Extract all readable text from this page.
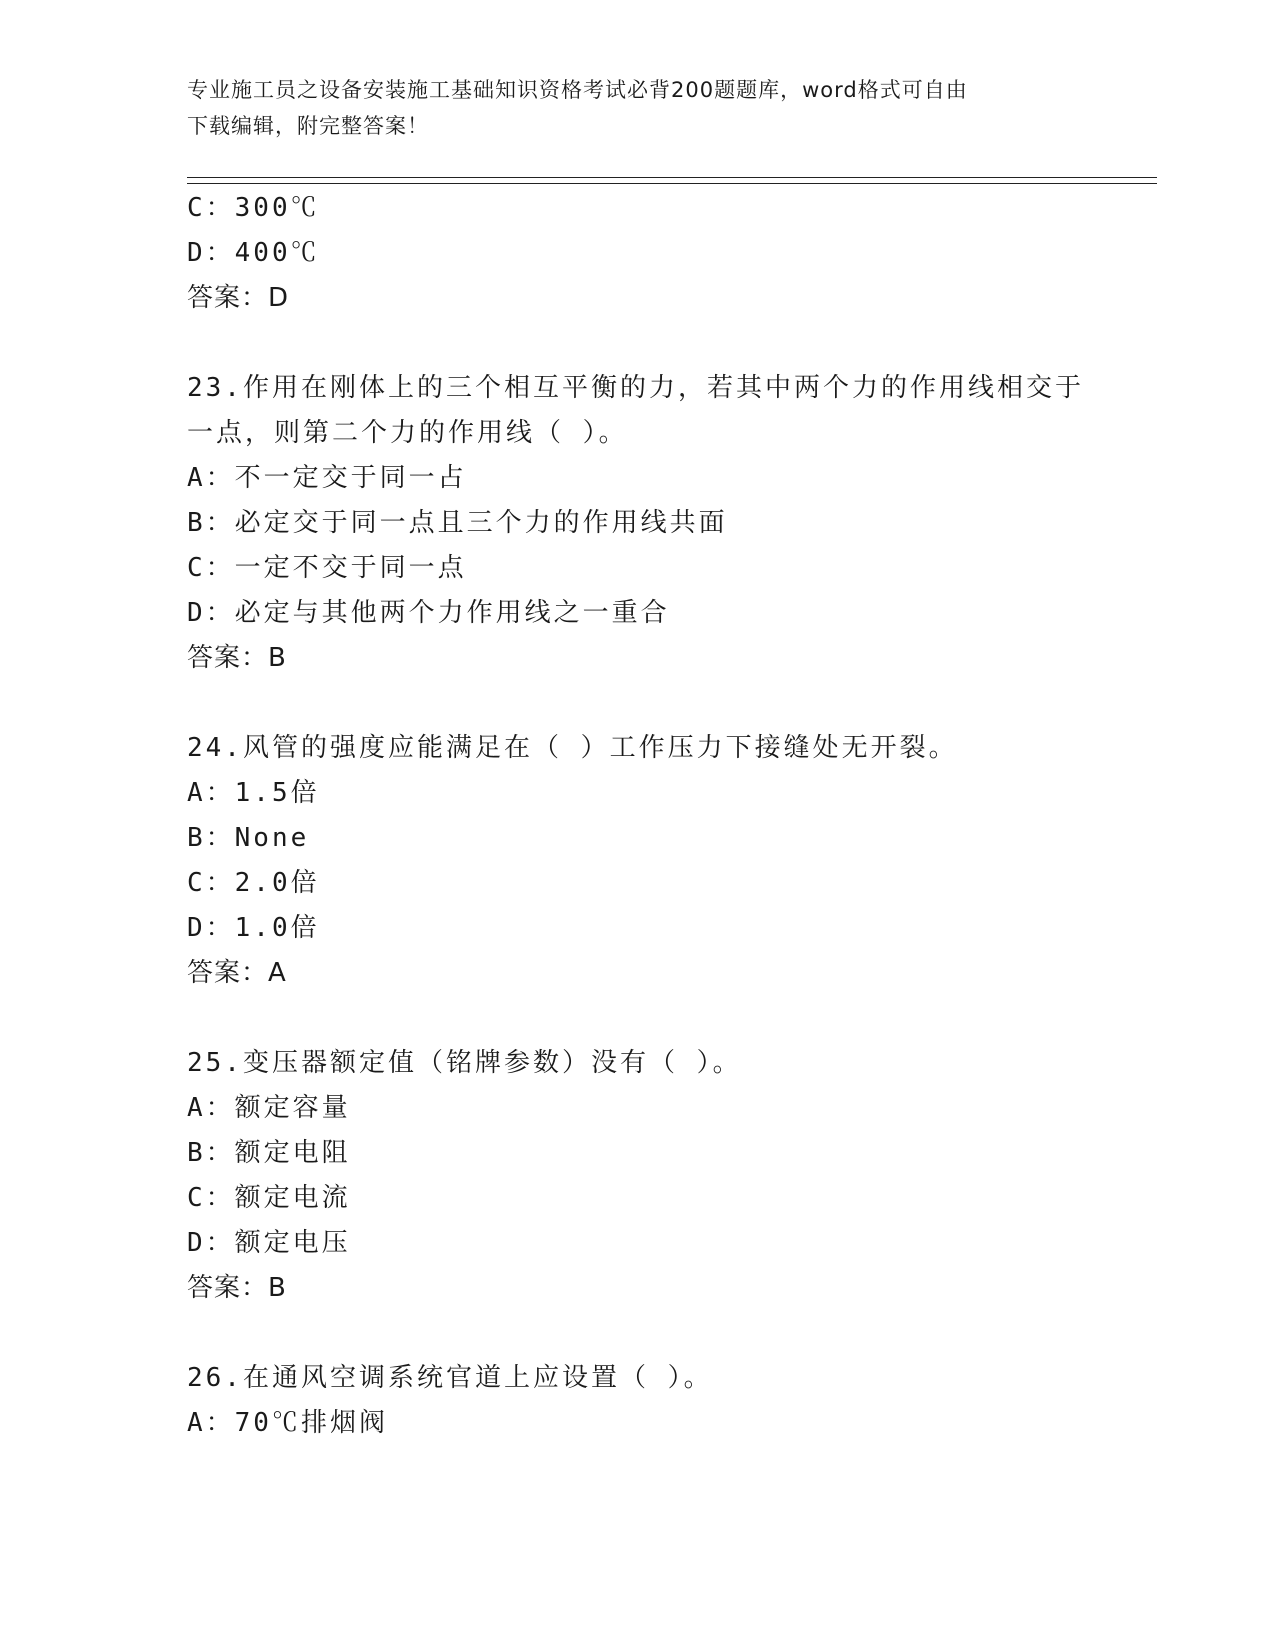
专业施工员之设备安装施工基础知识资格考试必背200题题库，word格式可自由
下载编辑，附完整答案！
C：300℃
D：400℃
答案：D
23.作用在刚体上的三个相互平衡的力，若其中两个力的作用线相交于
一点，则第二个力的作用线（ ）。
A：不一定交于同一占
B：必定交于同一点且三个力的作用线共面
C：一定不交于同一点
D：必定与其他两个力作用线之一重合
答案：B
24.风管的强度应能满足在（ ）工作压力下接缝处无开裂。
A：1.5倍
B：None
C：2.0倍
D：1.0倍
答案：A
25.变压器额定值（铭牌参数）没有（ ）。
A：额定容量
B：额定电阻
C：额定电流
D：额定电压
答案：B
26.在通风空调系统官道上应设置（ ）。
A：70℃排烟阀
